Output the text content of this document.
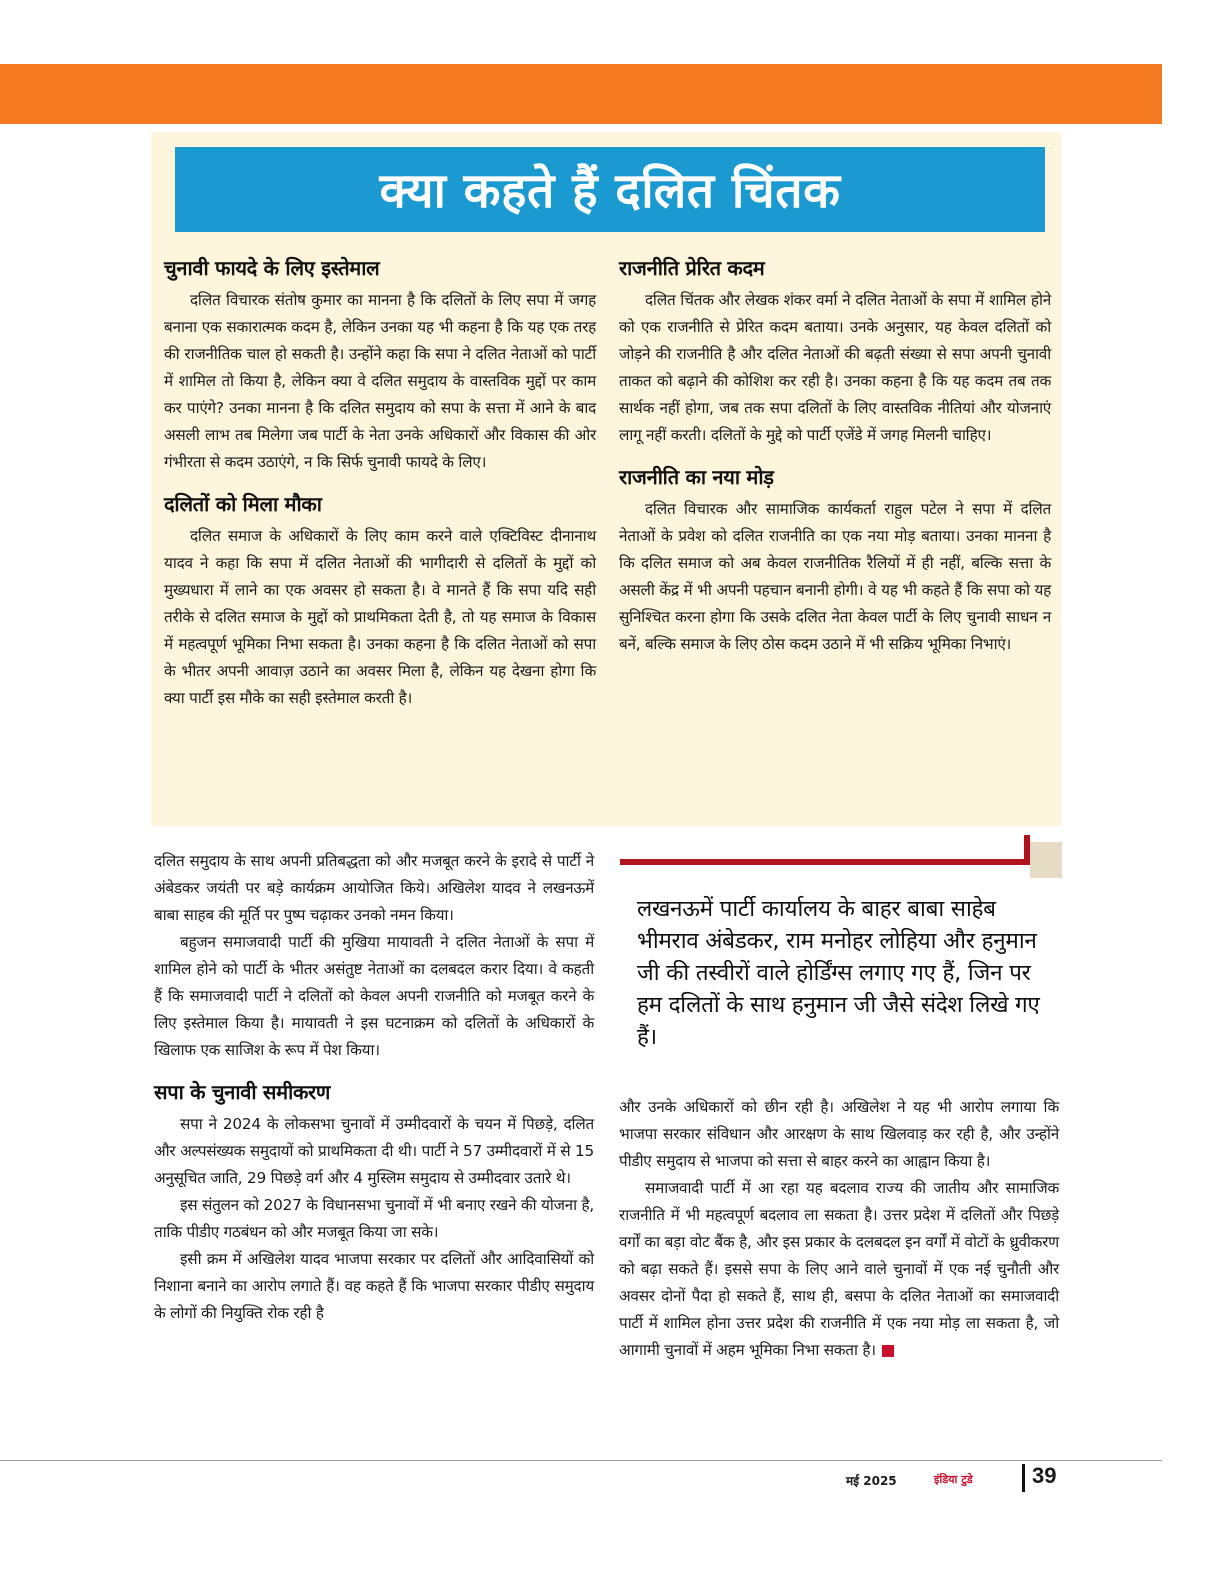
क्या कहते हैं दलित चिंतक
चुनावी फायदे के लिए इस्तेमाल

दलित विचारक संतोष कुमार का मानना है कि दलितों के लिए सपा में जगह बनाना एक सकारात्मक कदम है, लेकिन उनका यह भी कहना है कि यह एक तरह की राजनीतिक चाल हो सकती है। उन्होंने कहा कि सपा ने दलित नेताओं को पार्टी में शामिल तो किया है, लेकिन क्या वे दलित समुदाय के वास्तविक मुद्दों पर काम कर पाएंगे? उनका मानना है कि दलित समुदाय को सपा के सत्ता में आने के बाद असली लाभ तब मिलेगा जब पार्टी के नेता उनके अधिकारों और विकास की ओर गंभीरता से कदम उठाएंगे, न कि सिर्फ चुनावी फायदे के लिए।

दलितों को मिला मौका

दलित समाज के अधिकारों के लिए काम करने वाले एक्टिविस्ट दीनानाथ यादव ने कहा कि सपा में दलित नेताओं की भागीदारी से दलितों के मुद्दों को मुख्यधारा में लाने का एक अवसर हो सकता है। वे मानते हैं कि सपा यदि सही तरीके से दलित समाज के मुद्दों को प्राथमिकता देती है, तो यह समाज के विकास में महत्वपूर्ण भूमिका निभा सकता है। उनका कहना है कि दलित नेताओं को सपा के भीतर अपनी आवाज़ उठाने का अवसर मिला है, लेकिन यह देखना होगा कि क्या पार्टी इस मौके का सही इस्तेमाल करती है।

राजनीति प्रेरित कदम

दलित चिंतक और लेखक शंकर वर्मा ने दलित नेताओं के सपा में शामिल होने को एक राजनीति से प्रेरित कदम बताया। उनके अनुसार, यह केवल दलितों को जोड़ने की राजनीति है और दलित नेताओं की बढ़ती संख्या से सपा अपनी चुनावी ताकत को बढ़ाने की कोशिश कर रही है। उनका कहना है कि यह कदम तब तक सार्थक नहीं होगा, जब तक सपा दलितों के लिए वास्तविक नीतियां और योजनाएं लागू नहीं करती। दलितों के मुद्दे को पार्टी एजेंडे में जगह मिलनी चाहिए।

राजनीति का नया मोड़

दलित विचारक और सामाजिक कार्यकर्ता राहुल पटेल ने सपा में दलित नेताओं के प्रवेश को दलित राजनीति का एक नया मोड़ बताया। उनका मानना है कि दलित समाज को अब केवल राजनीतिक रैलियों में ही नहीं, बल्कि सत्ता के असली केंद्र में भी अपनी पहचान बनानी होगी। वे यह भी कहते हैं कि सपा को यह सुनिश्चित करना होगा कि उसके दलित नेता केवल पार्टी के लिए चुनावी साधन न बनें, बल्कि समाज के लिए ठोस कदम उठाने में भी सक्रिय भूमिका निभाएं।

दलित समुदाय के साथ अपनी प्रतिबद्धता को और मजबूत करने के इरादे से पार्टी ने अंबेडकर जयंती पर बड़े कार्यक्रम आयोजित किये। अखिलेश यादव ने लखनऊमें बाबा साहब की मूर्ति पर पुष्प चढ़ाकर उनको नमन किया।

बहुजन समाजवादी पार्टी की मुखिया मायावती ने दलित नेताओं के सपा में शामिल होने को पार्टी के भीतर असंतुष्ट नेताओं का दलबदल करार दिया। वे कहती हैं कि समाजवादी पार्टी ने दलितों को केवल अपनी राजनीति को मजबूत करने के लिए इस्तेमाल किया है। मायावती ने इस घटनाक्रम को दलितों के अधिकारों के खिलाफ एक साजिश के रूप में पेश किया।

सपा के चुनावी समीकरण

सपा ने 2024 के लोकसभा चुनावों में उम्मीदवारों के चयन में पिछड़े, दलित और अल्पसंख्यक समुदायों को प्राथमिकता दी थी। पार्टी ने 57 उम्मीदवारों में से 15 अनुसूचित जाति, 29 पिछड़े वर्ग और 4 मुस्लिम समुदाय से उम्मीदवार उतारे थे।

इस संतुलन को 2027 के विधानसभा चुनावों में भी बनाए रखने की योजना है, ताकि पीडीए गठबंधन को और मजबूत किया जा सके।

इसी क्रम में अखिलेश यादव भाजपा सरकार पर दलितों और आदिवासियों को निशाना बनाने का आरोप लगाते हैं। वह कहते हैं कि भाजपा सरकार पीडीए समुदाय के लोगों की नियुक्ति रोक रही है

लखनऊमें पार्टी कार्यालय के बाहर बाबा साहेब भीमराव अंबेडकर, राम मनोहर लोहिया और हनुमान जी की तस्वीरों वाले होर्डिंग्स लगाए गए हैं, जिन पर हम दलितों के साथ हनुमान जी जैसे संदेश लिखे गए हैं।

और उनके अधिकारों को छीन रही है। अखिलेश ने यह भी आरोप लगाया कि भाजपा सरकार संविधान और आरक्षण के साथ खिलवाड़ कर रही है, और उन्होंने पीडीए समुदाय से भाजपा को सत्ता से बाहर करने का आह्वान किया है।

समाजवादी पार्टी में आ रहा यह बदलाव राज्य की जातीय और सामाजिक राजनीति में भी महत्वपूर्ण बदलाव ला सकता है। उत्तर प्रदेश में दलितों और पिछड़े वर्गों का बड़ा वोट बैंक है, और इस प्रकार के दलबदल इन वर्गों में वोटों के ध्रुवीकरण को बढ़ा सकते हैं। इससे सपा के लिए आने वाले चुनावों में एक नई चुनौती और अवसर दोनों पैदा हो सकते हैं, साथ ही, बसपा के दलित नेताओं का समाजवादी पार्टी में शामिल होना उत्तर प्रदेश की राजनीति में एक नया मोड़ ला सकता है, जो आगामी चुनावों में अहम भूमिका निभा सकता है।

मई 2025	इंडिया टुडे	39
